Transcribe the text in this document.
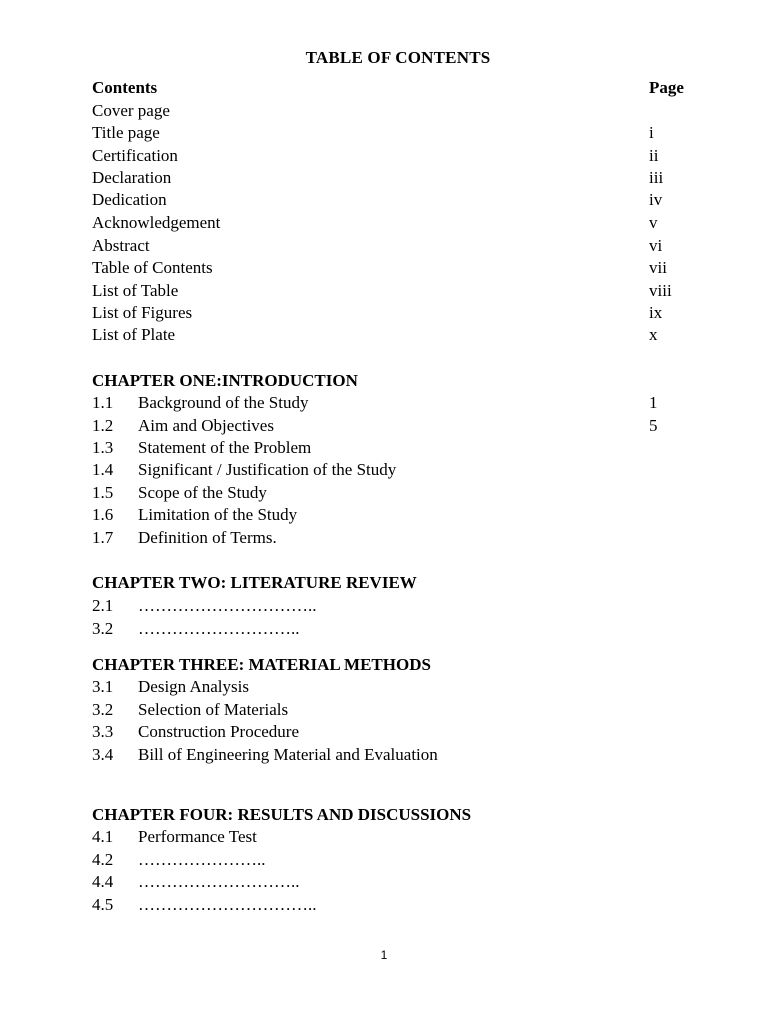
TABLE OF CONTENTS
Contents	Page
Cover page
Title page	i
Certification	ii
Declaration	iii
Dedication	iv
Acknowledgement	v
Abstract	vi
Table of Contents	vii
List of Table	viii
List of Figures	ix
List of Plate	x
CHAPTER ONE:INTRODUCTION
1.1 Background of the Study	1
1.2 Aim and Objectives	5
1.3 Statement of the Problem
1.4 Significant / Justification of the Study
1.5 Scope of the Study
1.6 Limitation of the Study
1.7 Definition of Terms.
CHAPTER TWO: LITERATURE REVIEW
2.1 …………………………..
3.2 ………………………..
CHAPTER THREE: MATERIAL METHODS
3.1 Design Analysis
3.2 Selection of Materials
3.3 Construction Procedure
3.4 Bill of Engineering Material and Evaluation
CHAPTER FOUR: RESULTS AND DISCUSSIONS
4.1 Performance Test
4.2 …………………..
4.4 ………………………..
4.5 …………………………..
1
